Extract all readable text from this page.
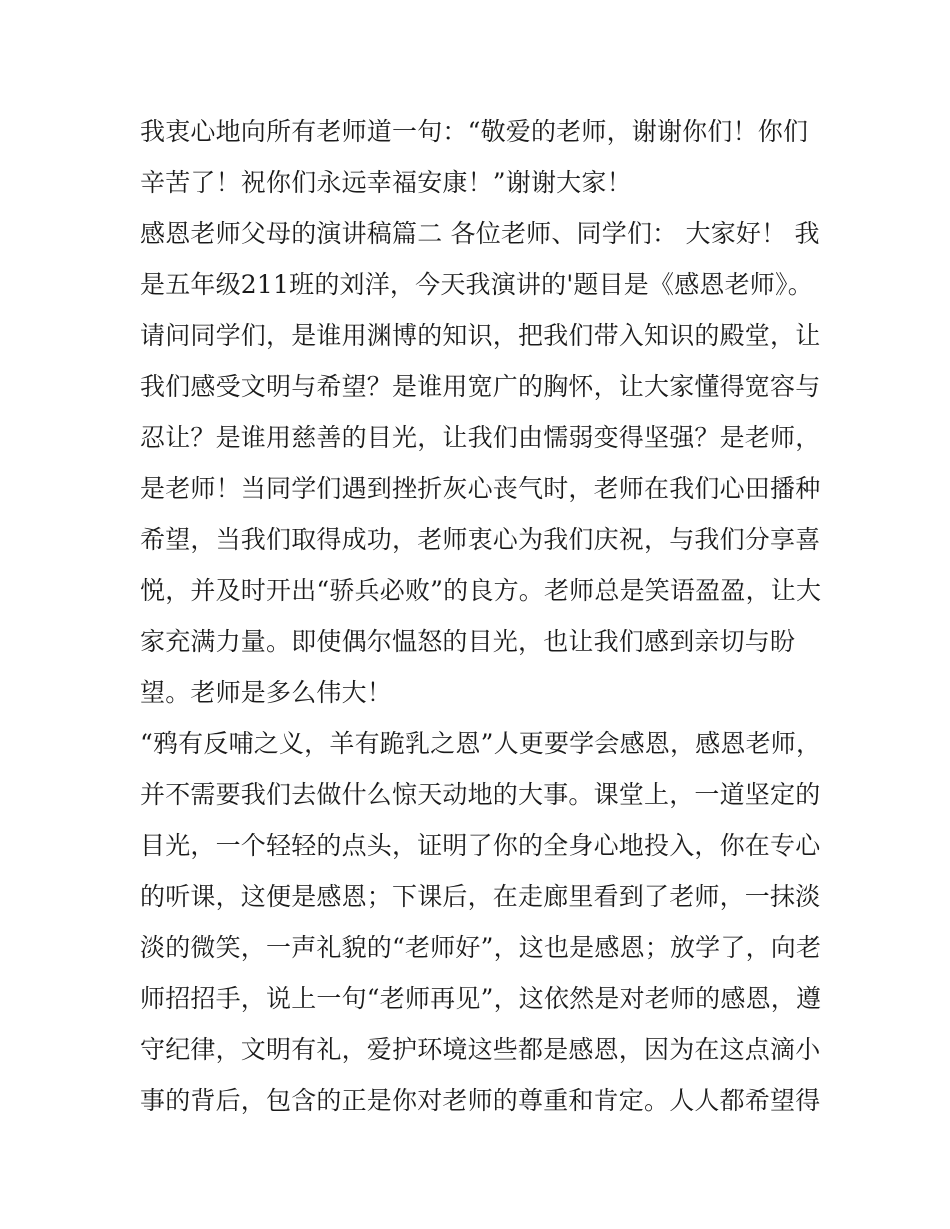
我衷心地向所有老师道一句：“敬爱的老师，谢谢你们！你们
辛苦了！祝你们永远幸福安康！”谢谢大家！
感恩老师父母的演讲稿篇二 各位老师、同学们： 大家好！ 我
是五年级211班的刘洋，今天我演讲的'题目是《感恩老师》。
请问同学们，是谁用渊博的知识，把我们带入知识的殿堂，让
我们感受文明与希望？是谁用宽广的胸怀，让大家懂得宽容与
忍让？是谁用慈善的目光，让我们由懦弱变得坚强？是老师，
是老师！当同学们遇到挫折灰心丧气时，老师在我们心田播种
希望，当我们取得成功，老师衷心为我们庆祝，与我们分享喜
悦，并及时开出“骄兵必败”的良方。老师总是笑语盈盈，让大
家充满力量。即使偶尔愠怒的目光，也让我们感到亲切与盼
望。老师是多么伟大！
“鸦有反哺之义，羊有跪乳之恩”人更要学会感恩，感恩老师，
并不需要我们去做什么惊天动地的大事。课堂上，一道坚定的
目光，一个轻轻的点头，证明了你的全身心地投入，你在专心
的听课，这便是感恩；下课后，在走廊里看到了老师，一抹淡
淡的微笑，一声礼貌的“老师好”，这也是感恩；放学了，向老
师招招手，说上一句“老师再见”，这依然是对老师的感恩，遵
守纪律，文明有礼，爱护环境这些都是感恩，因为在这点滴小
事的背后，包含的正是你对老师的尊重和肯定。人人都希望得
